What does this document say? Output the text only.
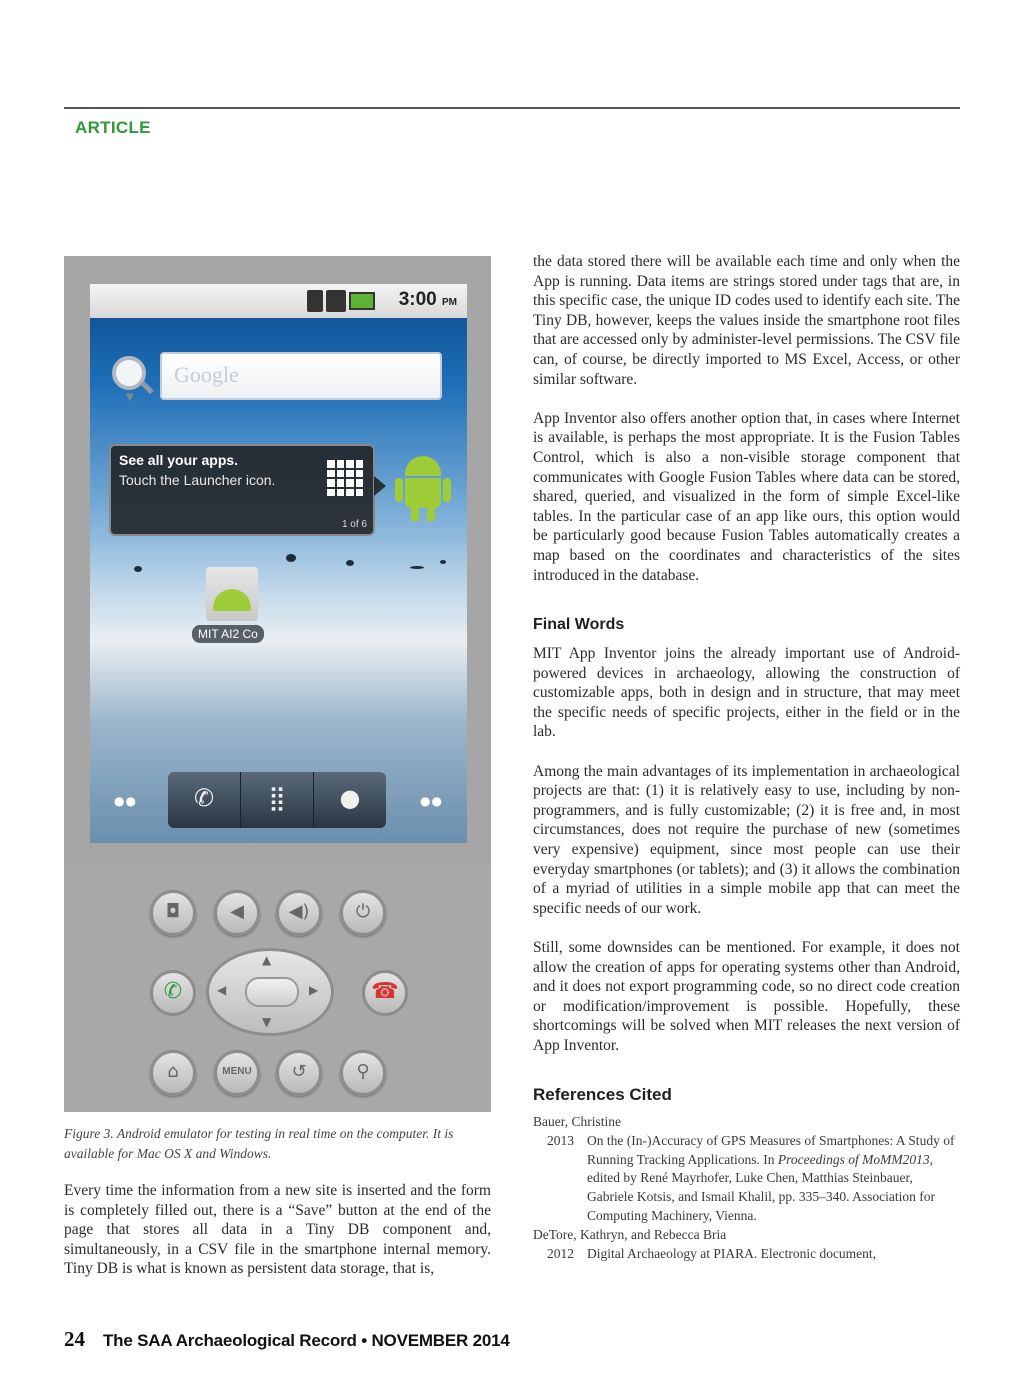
ARTICLE
3:00 PM
▼
Google
See all your apps.
Touch the Launcher icon.
1 of 6
MIT AI2 Co
●●	✆	⣿	●	●●
◘	◀	◀)	⏻
✆
▲
▼
◀	▶ ☎
⌂	MENU	↺	⚲
Figure 3. Android emulator for testing in real time on the computer. It is available for Mac OS X and Windows.

Every time the information from a new site is inserted and the form is completely filled out, there is a “Save” button at the end of the page that stores all data in a Tiny DB component and, simultaneously, in a CSV file in the smartphone internal memory. Tiny DB is what is known as persistent data storage, that is,

the data stored there will be available each time and only when the App is running. Data items are strings stored under tags that are, in this specific case, the unique ID codes used to identify each site. The Tiny DB, however, keeps the values inside the smartphone root files that are accessed only by administer-level permissions. The CSV file can, of course, be directly imported to MS Excel, Access, or other similar software.

App Inventor also offers another option that, in cases where Internet is available, is perhaps the most appropriate. It is the Fusion Tables Control, which is also a non-visible storage component that communicates with Google Fusion Tables where data can be stored, shared, queried, and visualized in the form of simple Excel-like tables. In the particular case of an app like ours, this option would be particularly good because Fusion Tables automatically creates a map based on the coordinates and characteristics of the sites introduced in the database.

Final Words

MIT App Inventor joins the already important use of Android-powered devices in archaeology, allowing the construction of customizable apps, both in design and in structure, that may meet the specific needs of specific projects, either in the field or in the lab.

Among the main advantages of its implementation in archaeological projects are that: (1) it is relatively easy to use, including by non-programmers, and is fully customizable; (2) it is free and, in most circumstances, does not require the purchase of new (sometimes very expensive) equipment, since most people can use their everyday smartphones (or tablets); and (3) it allows the combination of a myriad of utilities in a simple mobile app that can meet the specific needs of our work.

Still, some downsides can be mentioned. For example, it does not allow the creation of apps for operating systems other than Android, and it does not export programming code, so no direct code creation or modification/improvement is possible. Hopefully, these shortcomings will be solved when MIT releases the next version of App Inventor.

References Cited

Bauer, Christine

2013 On the (In-)Accuracy of GPS Measures of Smartphones: A Study of Running Tracking Applications. In Proceedings of MoMM2013, edited by René Mayrhofer, Luke Chen, Matthias Steinbauer, Gabriele Kotsis, and Ismail Khalil, pp. 335–340. Association for Computing Machinery, Vienna.

DeTore, Kathryn, and Rebecca Bria

2012 Digital Archaeology at PIARA. Electronic document,

24 The SAA Archaeological Record • NOVEMBER 2014
